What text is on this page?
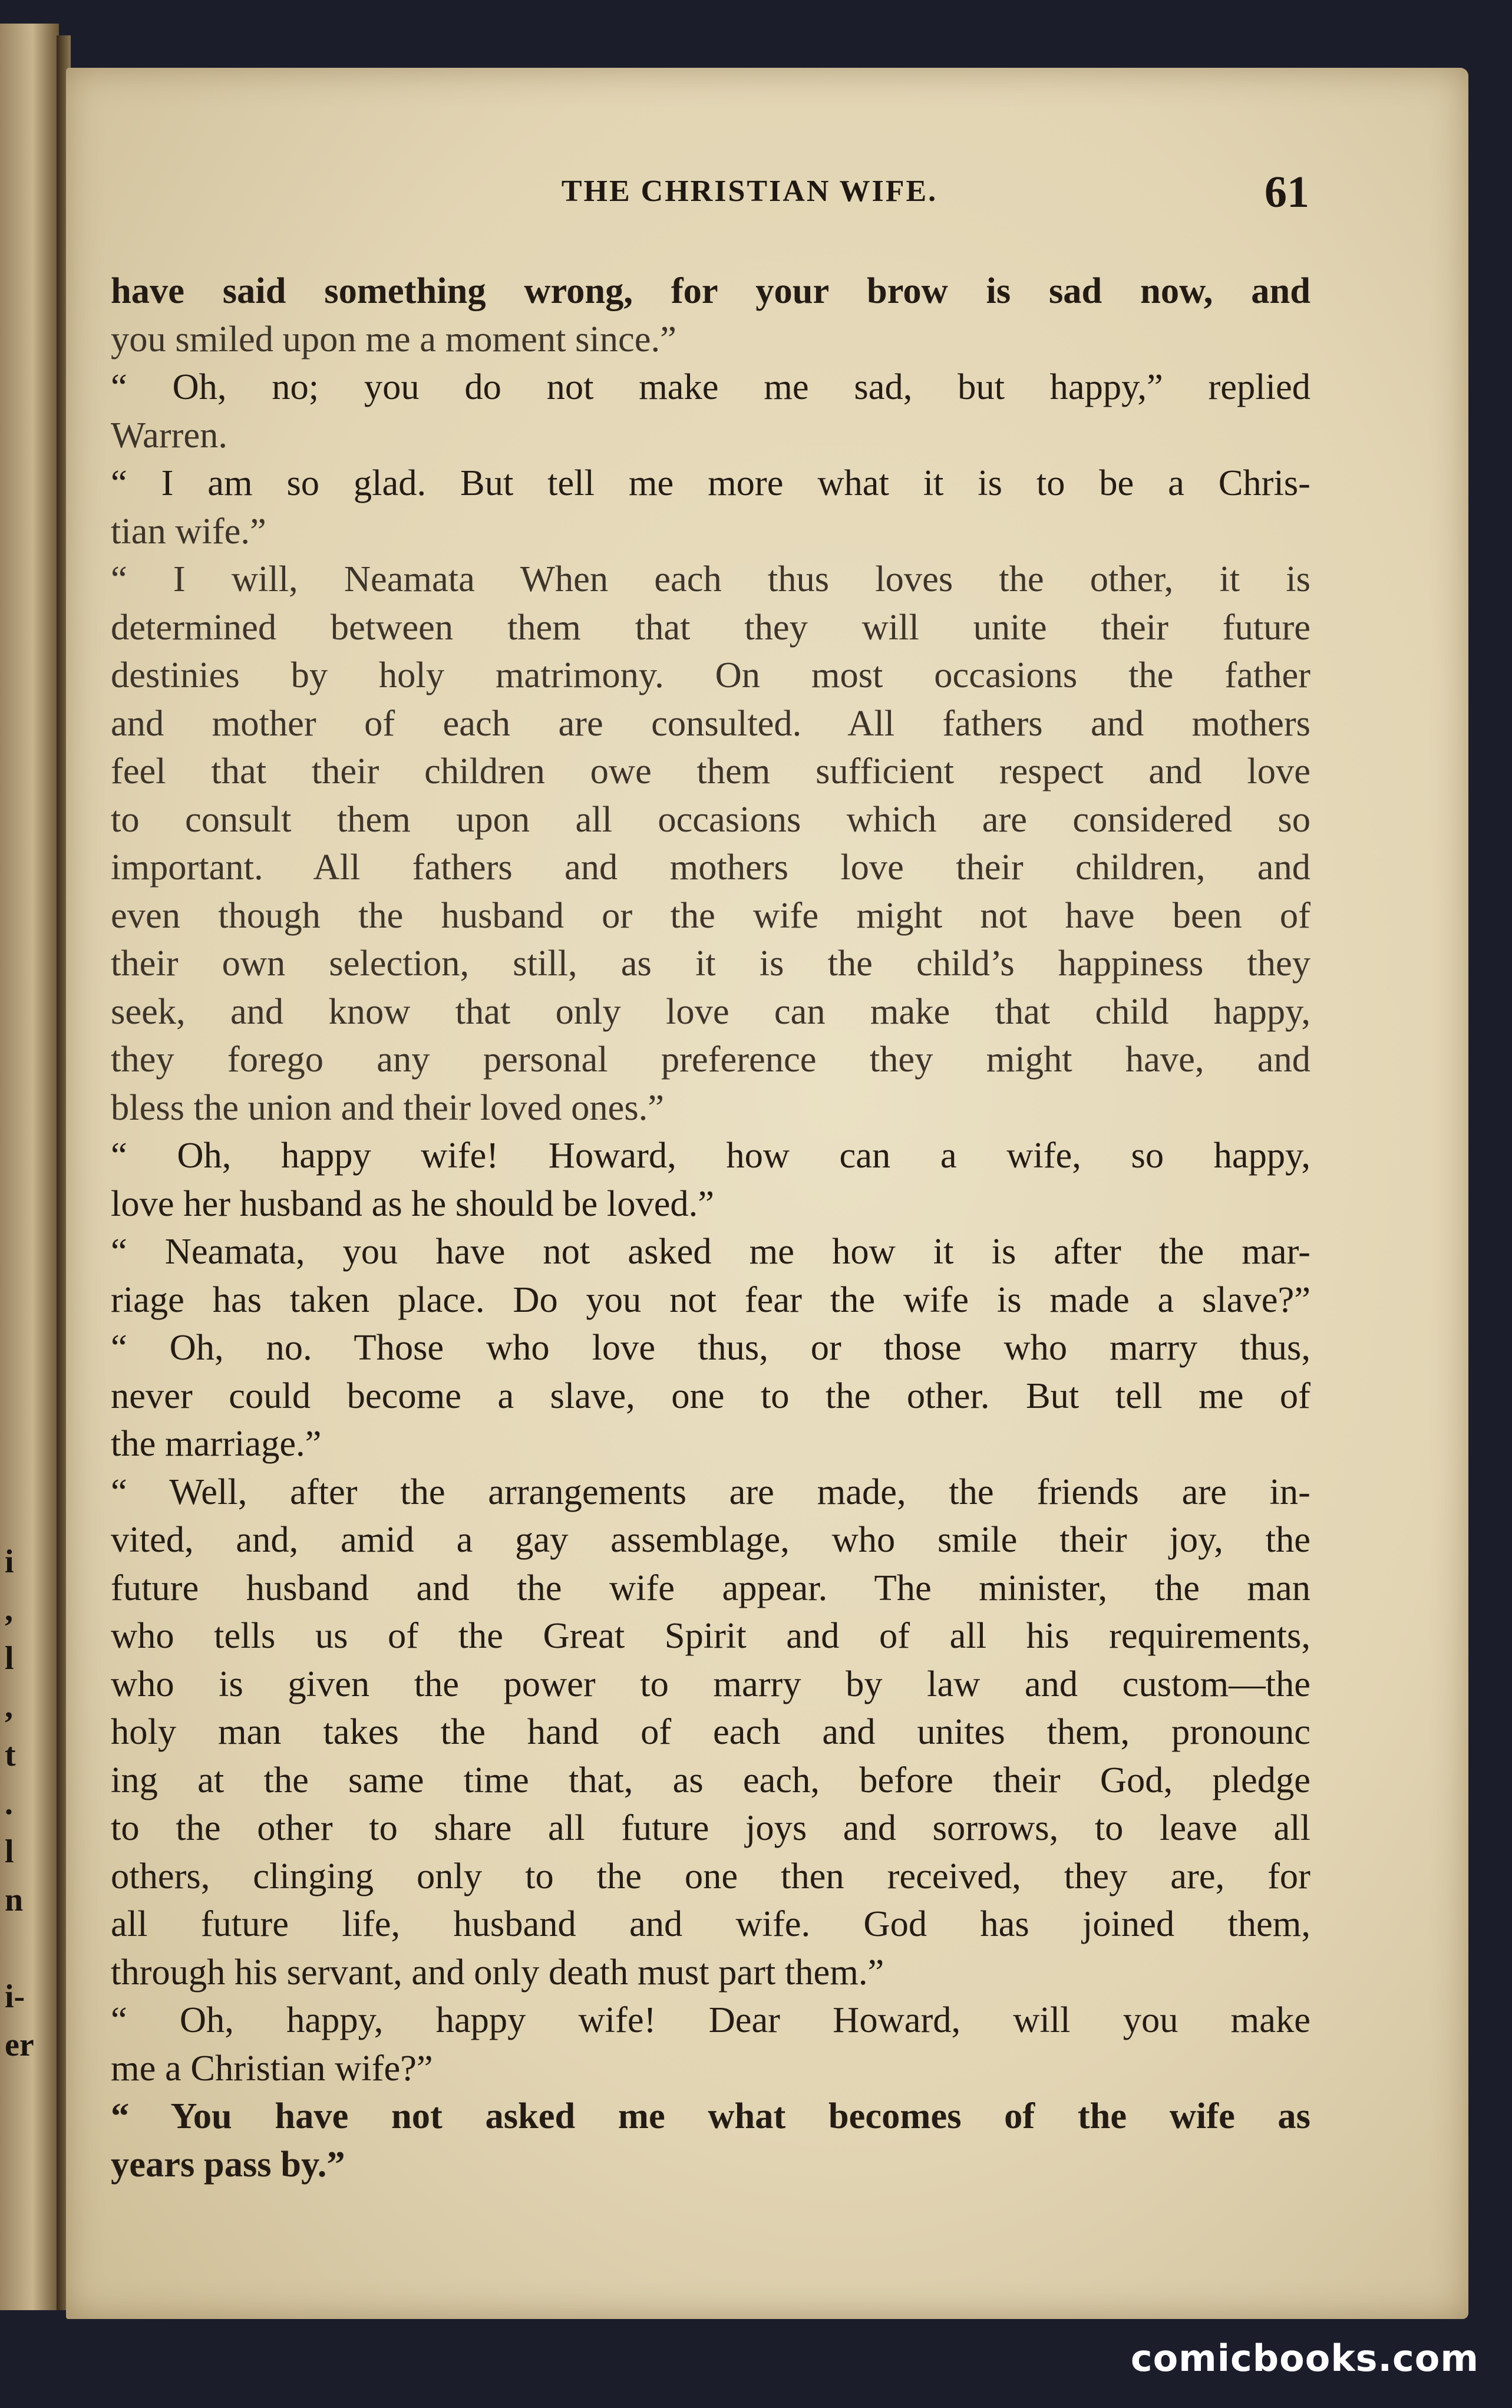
i
,
l
,
t
.
l
n
i-
er
THE CHRISTIAN WIFE.	61
have said something wrong, for your brow is sad now, and
you smiled upon me a moment since.”
“ Oh, no; you do not make me sad, but happy,” replied
Warren.
“ I am so glad. But tell me more what it is to be a Chris-
tian wife.”
“ I will, Neamata When each thus loves the other, it is
determined between them that they will unite their future
destinies by holy matrimony. On most occasions the father
and mother of each are consulted. All fathers and mothers
feel that their children owe them sufficient respect and love
to consult them upon all occasions which are considered so
important. All fathers and mothers love their children, and
even though the husband or the wife might not have been of
their own selection, still, as it is the child’s happiness they
seek, and know that only love can make that child happy,
they forego any personal preference they might have, and
bless the union and their loved ones.”
“ Oh, happy wife! Howard, how can a wife, so happy,
love her husband as he should be loved.”
“ Neamata, you have not asked me how it is after the mar-
riage has taken place. Do you not fear the wife is made a slave?”
“ Oh, no. Those who love thus, or those who marry thus,
never could become a slave, one to the other. But tell me of
the marriage.”
“ Well, after the arrangements are made, the friends are in-
vited, and, amid a gay assemblage, who smile their joy, the
future husband and the wife appear. The minister, the man
who tells us of the Great Spirit and of all his requirements,
who is given the power to marry by law and custom—the
holy man takes the hand of each and unites them, pronounc
ing at the same time that, as each, before their God, pledge
to the other to share all future joys and sorrows, to leave all
others, clinging only to the one then received, they are, for
all future life, husband and wife. God has joined them,
through his servant, and only death must part them.”
“ Oh, happy, happy wife! Dear Howard, will you make
me a Christian wife?”
“ You have not asked me what becomes of the wife as
years pass by.”
comicbooks.com
